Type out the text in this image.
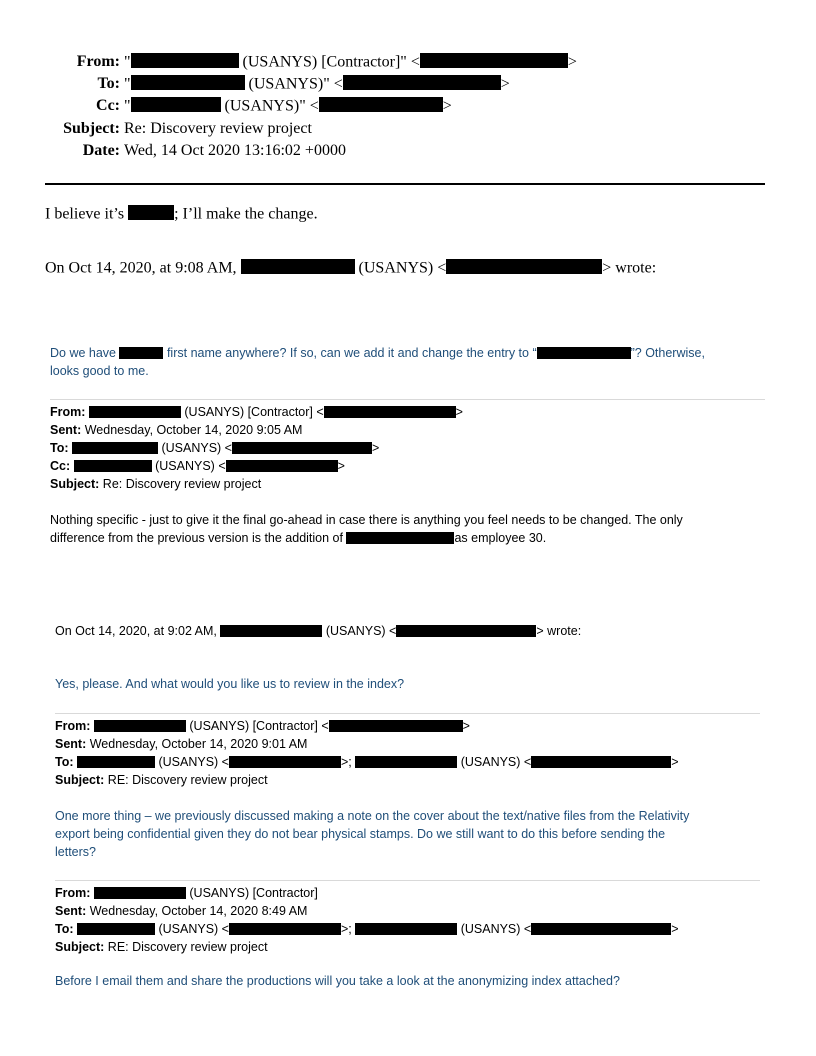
From: "	(USANYS) [Contractor]" <	>
To: "	(USANYS)" <	>
Cc: "	(USANYS)" <	>
Subject: Re: Discovery review project
Date: Wed, 14 Oct 2020 13:16:02 +0000
I believe it’s	; I’ll make the change.
On Oct 14, 2020, at 9:08 AM,	(USANYS) <	> wrote:
Do we have	first name anywhere? If so, can we add it and change the entry to “	”? Otherwise,
looks good to me.
From:	(USANYS) [Contractor] <	>
Sent: Wednesday, October 14, 2020 9:05 AM
To:	(USANYS) <	>
Cc:	(USANYS) <	>
Subject: Re: Discovery review project
Nothing specific - just to give it the final go-ahead in case there is anything you feel needs to be changed. The only
difference from the previous version is the addition of	as employee 30.
On Oct 14, 2020, at 9:02 AM,	(USANYS) <	> wrote:
Yes, please. And what would you like us to review in the index?
From:	(USANYS) [Contractor] <	>
Sent: Wednesday, October 14, 2020 9:01 AM
To:	(USANYS) <	>;	(USANYS) <	>
Subject: RE: Discovery review project
One more thing – we previously discussed making a note on the cover about the text/native files from the Relativity
export being confidential given they do not bear physical stamps. Do we still want to do this before sending the
letters?
From:	(USANYS) [Contractor]
Sent: Wednesday, October 14, 2020 8:49 AM
To:	(USANYS) <	>;	(USANYS) <	>
Subject: RE: Discovery review project
Before I email them and share the productions will you take a look at the anonymizing index attached?
